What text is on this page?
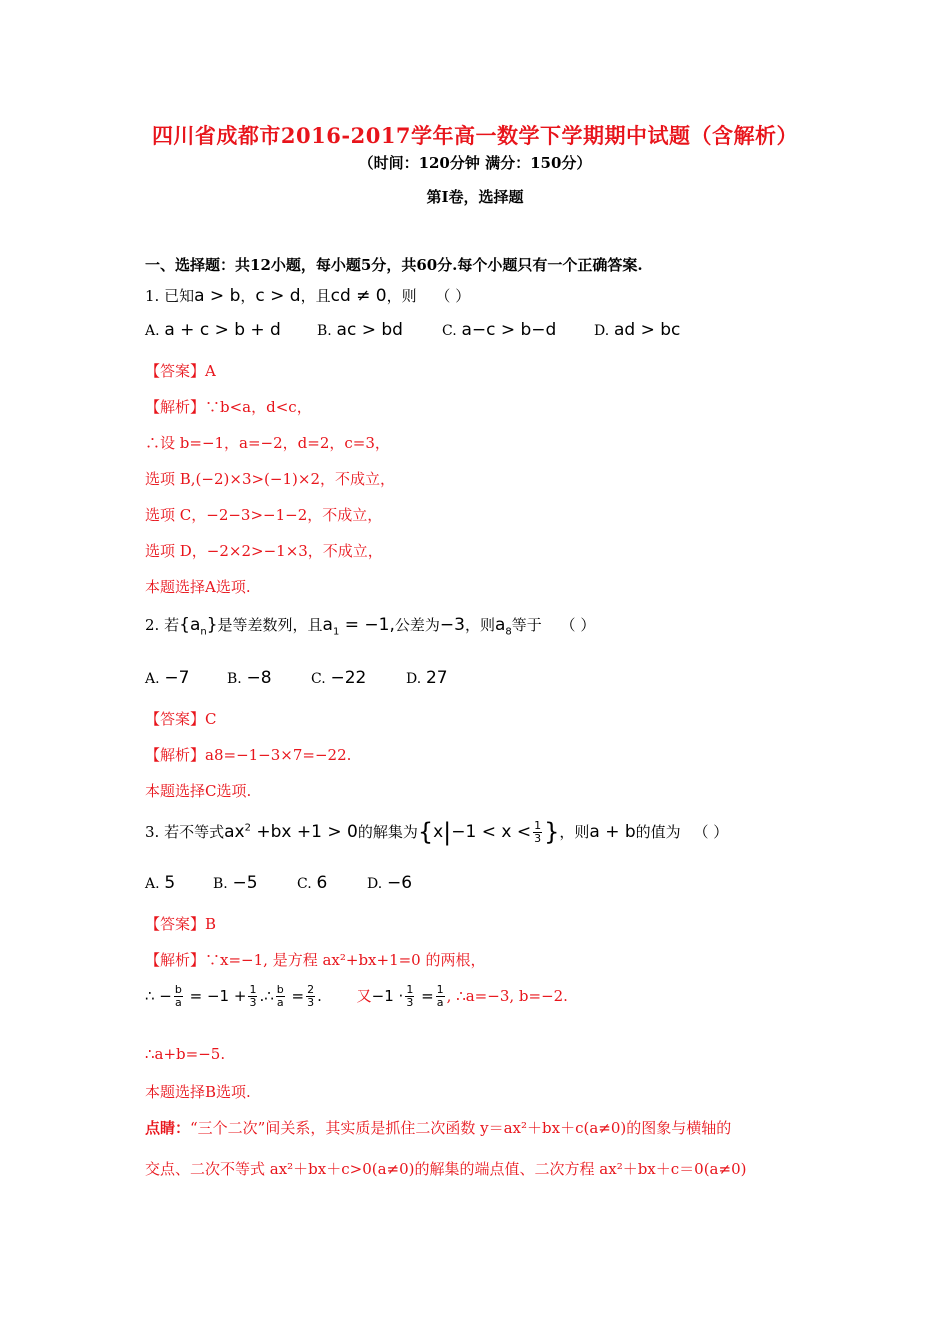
四川省成都市2016-2017学年高一数学下学期期中试题（含解析）
（时间：120分钟 满分：150分）
第I卷，选择题
一、选择题：共12小题，每小题5分，共60分.每个小题只有一个正确答案.
1. 已知a > b，c > d，且cd ≠ 0，则 （ ）
A. a + c > b + d	B. ac > bd	C. a−c > b−d	D. ad > bc
【答案】A
【解析】∵b<a，d<c，
∴设 b=−1，a=−2，d=2，c=3，
选项 B,(−2)×3>(−1)×2，不成立，
选项 C，−2−3>−1−2，不成立，
选项 D，−2×2>−1×3，不成立，
本题选择A选项.
2. 若$\{a_n\}$是等差数列，且$a_1 = -1$,公差为−3，则$a_8$等于 （ ）
A. −7	B. −8	C. −22	D. 27
【答案】C
【解析】a8=−1−3×7=−22.
本题选择C选项.
3. 若不等式$ax^2 +bx +1 > 0$的解集为{$x|-1 < x < \frac{1}{3}$ }，则a + b的值为 （ ）
A. 5	B. −5	C. 6	D. −6
【答案】B
【解析】∵x=−1, 是方程 ax²+bx+1=0 的两根，
∴ − $\frac{b}{a} = -1 + \frac{1}{3}$ .∴ $\frac{b}{a} = \frac{2}{3}$ . 又$-1 \cdot \frac{1}{3} = \frac{1}{a}$ , ∴a=−3, b=−2.
∴a+b=−5.
本题选择B选项.
点睛：“三个二次”间关系，其实质是抓住二次函数 y＝ax²＋bx＋c(a≠0)的图象与横轴的
交点、二次不等式 ax²＋bx＋c>0(a≠0)的解集的端点值、二次方程 ax²＋bx＋c＝0(a≠0)
